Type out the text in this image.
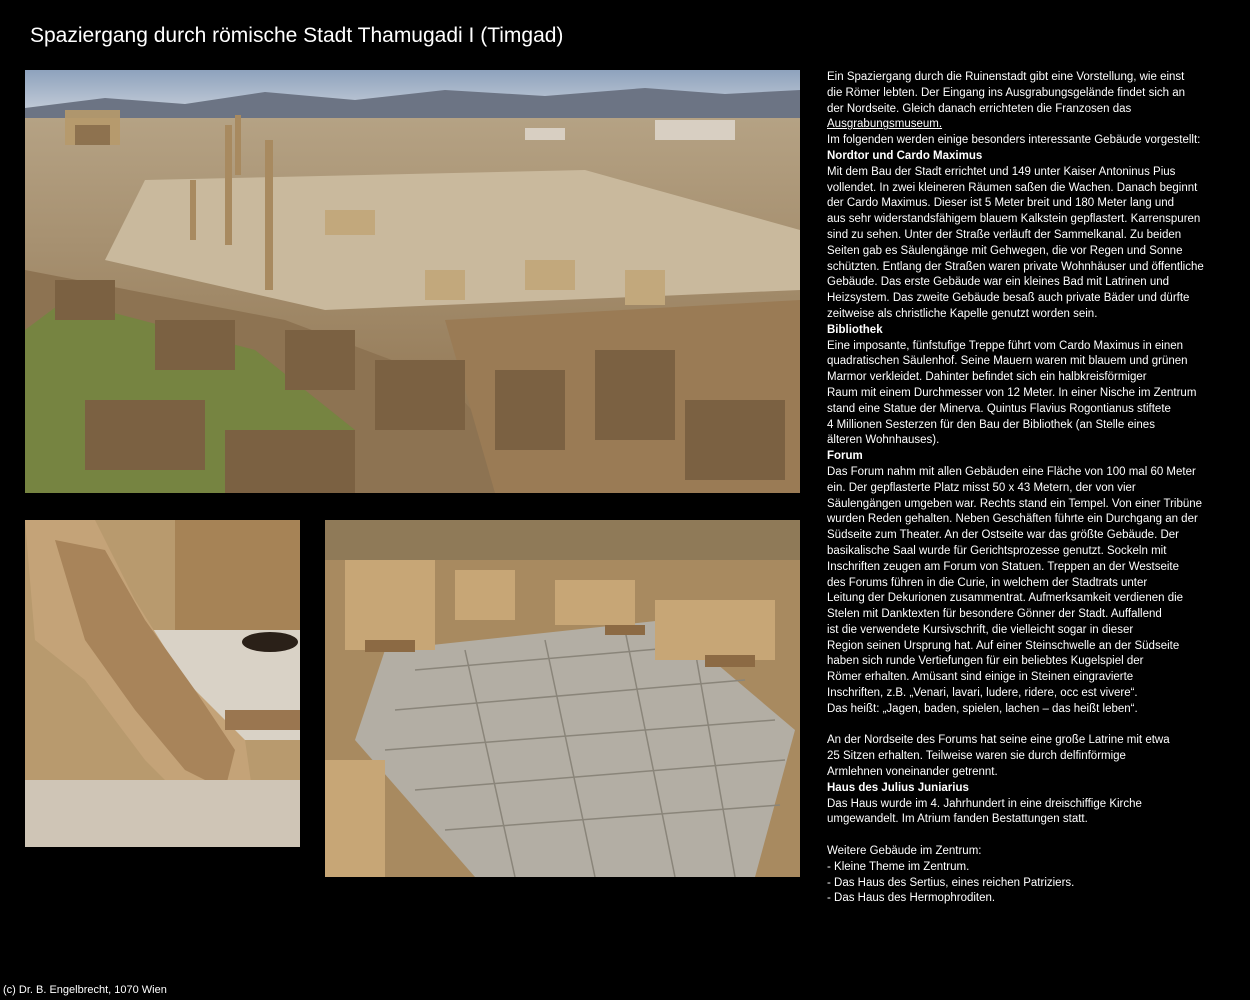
Spaziergang durch römische Stadt Thamugadi I (Timgad)

Ein Spaziergang durch die Ruinenstadt gibt eine Vorstellung, wie einst
die Römer lebten. Der Eingang ins Ausgrabungsgelände findet sich an
der Nordseite. Gleich danach errichteten die Franzosen das
Ausgrabungsmuseum.
Im folgenden werden einige besonders interessante Gebäude vorgestellt:

Nordtor und Cardo Maximus
Mit dem Bau der Stadt errichtet und 149 unter Kaiser Antoninus Pius
vollendet. In zwei kleineren Räumen saßen die Wachen. Danach beginnt
der Cardo Maximus. Dieser ist 5 Meter breit und 180 Meter lang und
aus sehr widerstandsfähigem blauem Kalkstein gepflastert. Karrenspuren
sind zu sehen. Unter der Straße verläuft der Sammelkanal. Zu beiden
Seiten gab es Säulengänge mit Gehwegen, die vor Regen und Sonne
schützten. Entlang der Straßen waren private Wohnhäuser und öffentliche
Gebäude. Das erste Gebäude war ein kleines Bad mit Latrinen und
Heizsystem. Das zweite Gebäude besaß auch private Bäder und dürfte
zeitweise als christliche Kapelle genutzt worden sein.

Bibliothek
Eine imposante, fünfstufige Treppe führt vom Cardo Maximus in einen
quadratischen Säulenhof. Seine Mauern waren mit blauem und grünen
Marmor verkleidet. Dahinter befindet sich ein halbkreisförmiger
Raum mit einem Durchmesser von 12 Meter. In einer Nische im Zentrum
stand eine Statue der Minerva. Quintus Flavius Rogontianus stiftete
4 Millionen Sesterzen für den Bau der Bibliothek (an Stelle eines
älteren Wohnhauses).

Forum
Das Forum nahm mit allen Gebäuden eine Fläche von 100 mal 60 Meter
ein. Der gepflasterte Platz misst 50 x 43 Metern, der von vier
Säulengängen umgeben war. Rechts stand ein Tempel. Von einer Tribüne
wurden Reden gehalten. Neben Geschäften führte ein Durchgang an der
Südseite zum Theater. An der Ostseite war das größte Gebäude. Der
basikalische Saal wurde für Gerichtsprozesse genutzt. Sockeln mit
Inschriften zeugen am Forum von Statuen. Treppen an der Westseite
des Forums führen in die Curie, in welchem der Stadtrats unter
Leitung der Dekurionen zusammentrat. Aufmerksamkeit verdienen die
Stelen mit Danktexten für besondere Gönner der Stadt. Auffallend
ist die verwendete Kursivschrift, die vielleicht sogar in dieser
Region seinen Ursprung hat. Auf einer Steinschwelle an der Südseite
haben sich runde Vertiefungen für ein beliebtes Kugelspiel der
Römer erhalten. Amüsant sind einige in Steinen eingravierte
Inschriften, z.B. „Venari, lavari, ludere, ridere, occ est vivere“.
Das heißt: „Jagen, baden, spielen, lachen – das heißt leben“.

An der Nordseite des Forums hat seine eine große Latrine mit etwa
25 Sitzen erhalten. Teilweise waren sie durch delfinförmige
Armlehnen voneinander getrennt.

Haus des Julius Juniarius
Das Haus wurde im 4. Jahrhundert in eine dreischiffige Kirche
umgewandelt. Im Atrium fanden Bestattungen statt.

Weitere Gebäude im Zentrum:
- Kleine Theme im Zentrum.
- Das Haus des Sertius, eines reichen Patriziers.
- Das Haus des Hermophroditen.
(c) Dr. B. Engelbrecht, 1070 Wien
